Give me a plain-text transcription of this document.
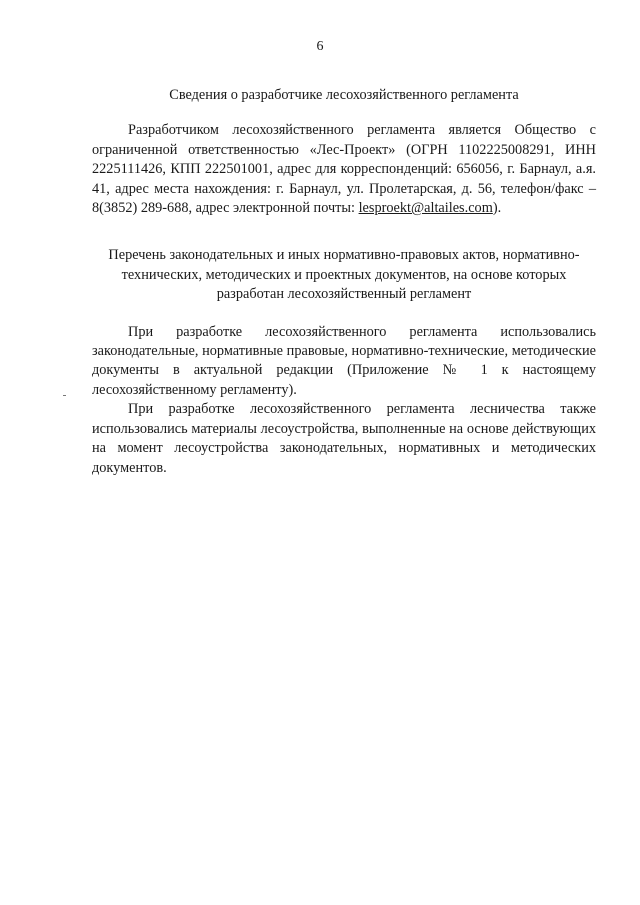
6
Сведения о разработчике лесохозяйственного регламента

Разработчиком лесохозяйственного регламента является Общество с ограниченной ответственностью «Лес-Проект» (ОГРН 1102225008291, ИНН 2225111426, КПП 222501001, адрес для корреспонденций: 656056, г. Барнаул, а.я. 41, адрес места нахождения: г. Барнаул, ул. Пролетарская, д. 56, телефон/факс – 8(3852) 289-688, адрес электронной почты: lesproekt@altailes.com).

Перечень законодательных и иных нормативно-правовых актов, нормативно-технических, методических и проектных документов, на основе которых разработан лесохозяйственный регламент

При разработке лесохозяйственного регламента использовались законодательные, нормативные правовые, нормативно-технические, методические документы в актуальной редакции (Приложение № 1 к настоящему лесохозяйственному регламенту).

При разработке лесохозяйственного регламента лесничества также использовались материалы лесоустройства, выполненные на основе действующих на момент лесоустройства законодательных, нормативных и методических документов.
